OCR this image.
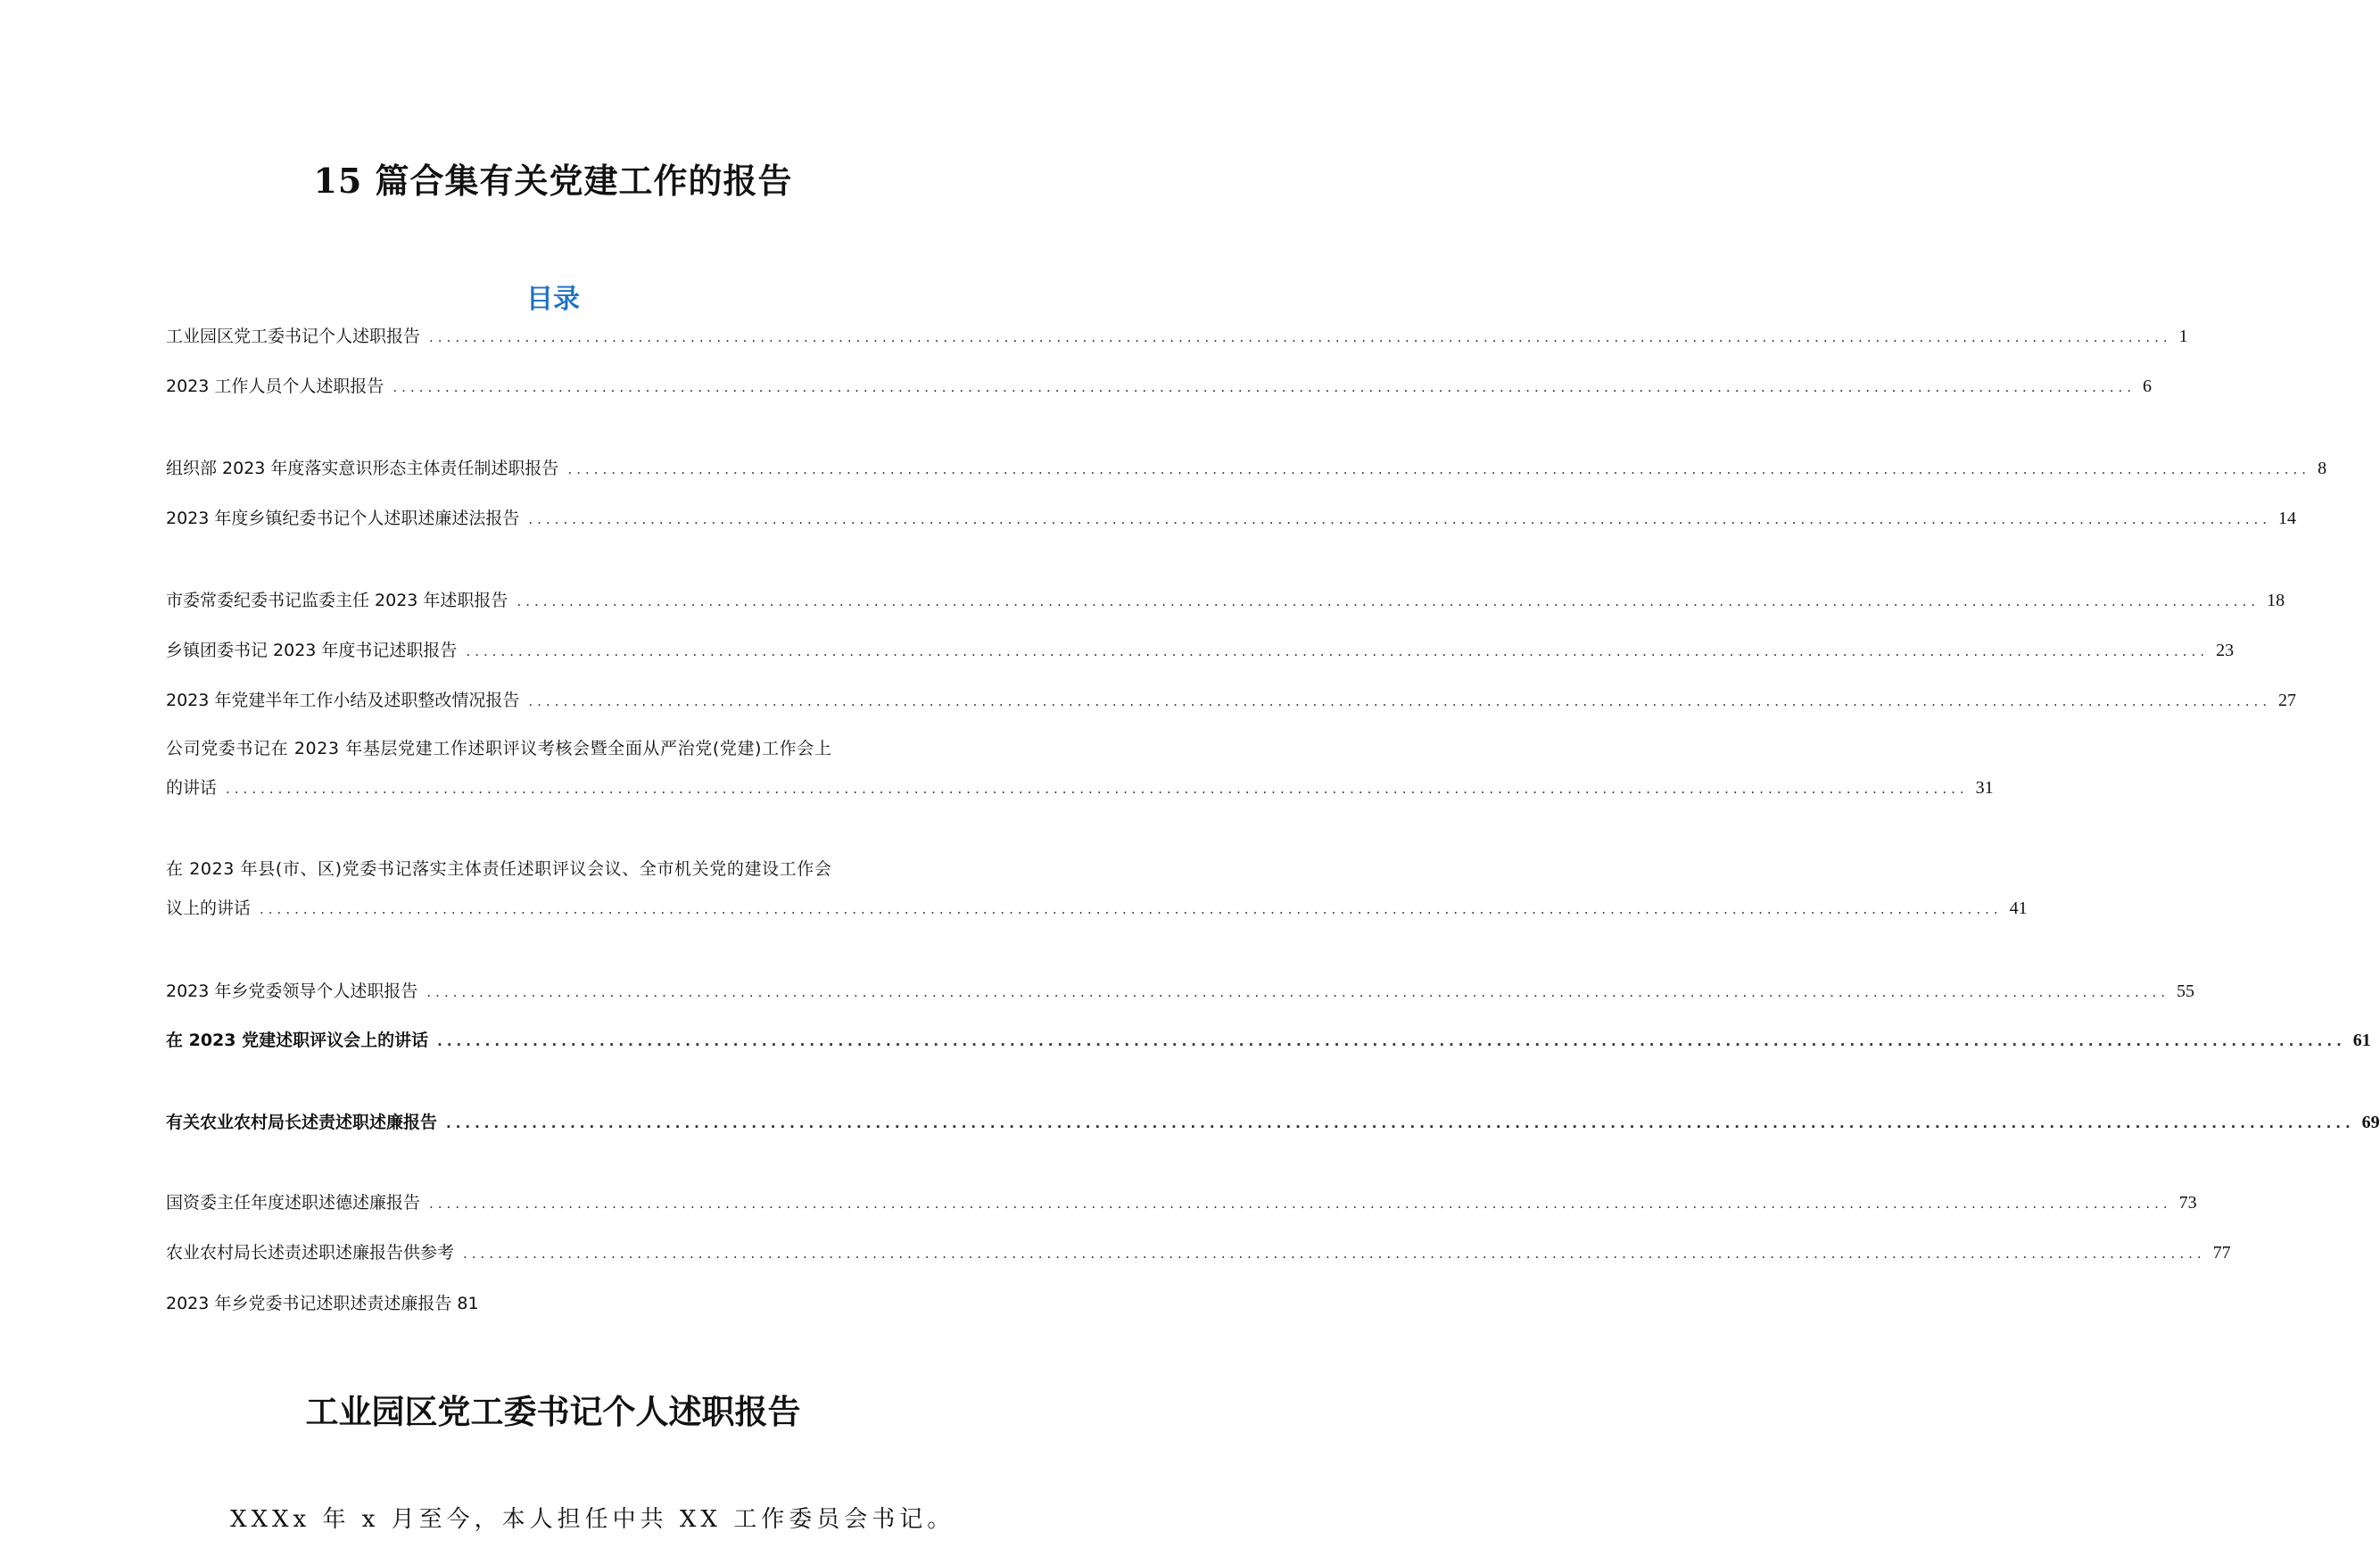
15 篇合集有关党建工作的报告
目录
工业园区党工委书记个人述职报告 ........................................................................................................................................................................................................ 1
2023 工作人员个人述职报告 ........................................................................................................................................................................................................ 6
组织部 2023 年度落实意识形态主体责任制述职报告 ........................................................................................................................................................................................................ 8
2023 年度乡镇纪委书记个人述职述廉述法报告 ........................................................................................................................................................................................................ 14
市委常委纪委书记监委主任 2023 年述职报告 ........................................................................................................................................................................................................ 18
乡镇团委书记 2023 年度书记述职报告 ........................................................................................................................................................................................................ 23
2023 年党建半年工作小结及述职整改情况报告 ........................................................................................................................................................................................................ 27
公司党委书记在 2023 年基层党建工作述职评议考核会暨全面从严治党(党建)工作会上
的讲话 ........................................................................................................................................................................................................ 31
在 2023 年县(市、区)党委书记落实主体责任述职评议会议、全市机关党的建设工作会
议上的讲话 ........................................................................................................................................................................................................ 41
2023 年乡党委领导个人述职报告 ........................................................................................................................................................................................................ 55
在 2023 党建述职评议会上的讲话 ........................................................................................................................................................................................................ 61
有关农业农村局长述责述职述廉报告 ........................................................................................................................................................................................................ 69
国资委主任年度述职述德述廉报告 ........................................................................................................................................................................................................ 73
农业农村局长述责述职述廉报告供参考 ........................................................................................................................................................................................................ 77
2023 年乡党委书记述职述责述廉报告 81
工业园区党工委书记个人述职报告

XXXx 年 x 月至今，本人担任中共 XX 工作委员会书记。
